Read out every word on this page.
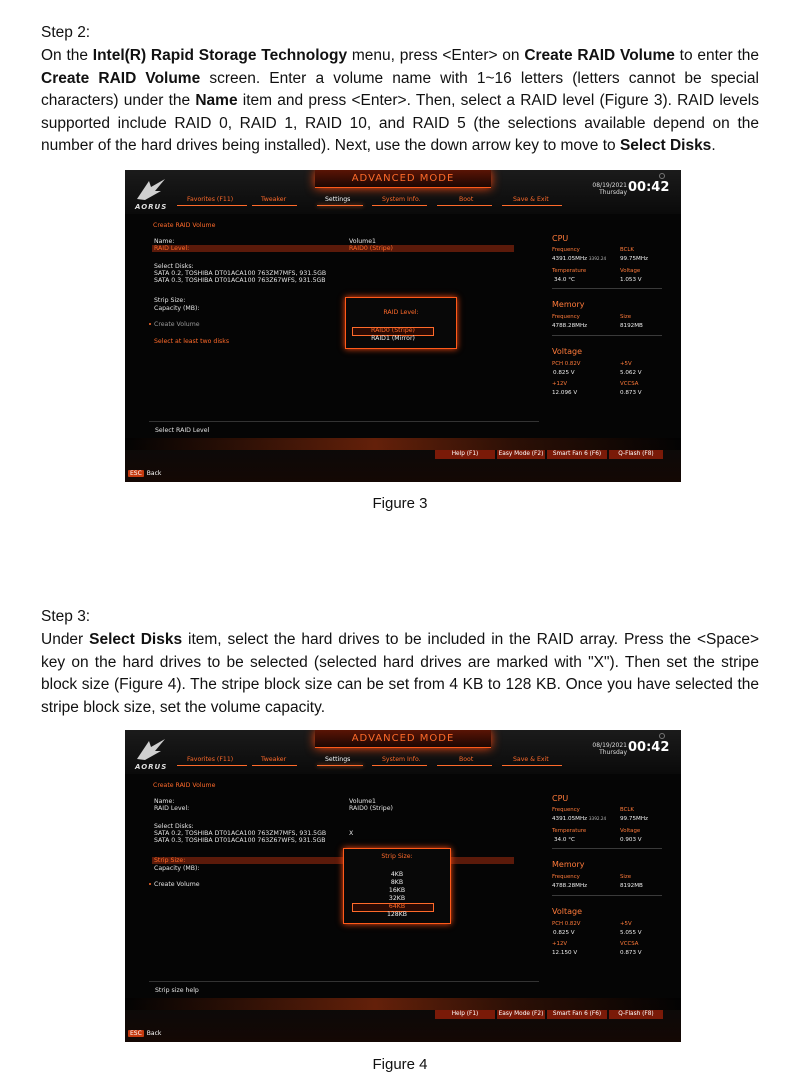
Step 2:
On the Intel(R) Rapid Storage Technology menu, press <Enter> on Create RAID Volume to enter the Create RAID Volume screen. Enter a volume name with 1~16 letters (letters cannot be special characters) under the Name item and press <Enter>. Then, select a RAID level (Figure 3). RAID levels supported include RAID 0, RAID 1, RAID 10, and RAID 5 (the selections available depend on the number of the hard drives being installed). Next, use the down arrow key to move to Select Disks.
ADVANCED MODE
AORUS
Favorites (F11)	Tweaker	Settings	System Info.	Boot	Save & Exit
08/19/2021
Thursday 00:42
Create RAID Volume
Name:	Volume1
RAID Level:	RAID0 (Stripe)
Select Disks:
SATA 0.2, TOSHIBA DT01ACA100 763ZM7MFS, 931.5GB
SATA 0.3, TOSHIBA DT01ACA100 763Z67WFS, 931.5GB
Strip Size:
Capacity (MB):
Create Volume
Select at least two disks
RAID Level:
RAID0 (Stripe)
RAID1 (Mirror)
CPU
Frequency	BCLK
4391.05MHz 3392.24 99.75MHz
Temperature	Voltage
34.0 °C	1.053 V
Memory
Frequency	Size
4788.28MHz	8192MB
Voltage
PCH 0.82V	+5V
0.825 V	5.062 V
+12V	VCCSA
12.096 V	0.873 V
Select RAID Level
Help (F1)	Easy Mode (F2)	Smart Fan 6 (F6)	Q-Flash (F8)
ESC Back
Figure 3
Step 3:
Under Select Disks item, select the hard drives to be included in the RAID array. Press the <Space> key on the hard drives to be selected (selected hard drives are marked with "X"). Then set the stripe block size (Figure 4). The stripe block size can be set from 4 KB to 128 KB. Once you have selected the stripe block size, set the volume capacity.
ADVANCED MODE
AORUS
Favorites (F11)	Tweaker	Settings	System Info.	Boot	Save & Exit
08/19/2021
Thursday 00:42
Create RAID Volume
Name:	Volume1
RAID Level:	RAID0 (Stripe)
Select Disks:
SATA 0.2, TOSHIBA DT01ACA100 763ZM7MFS, 931.5GB
SATA 0.3, TOSHIBA DT01ACA100 763Z67WFS, 931.5GB
X
Strip Size:
Capacity (MB):
Create Volume
Strip Size:
4KB
8KB
16KB
32KB
64KB
128KB
CPU
Frequency	BCLK
4391.05MHz 3392.24 99.75MHz
Temperature	Voltage
34.0 °C	0.903 V
Memory
Frequency	Size
4788.28MHz	8192MB
Voltage
PCH 0.82V	+5V
0.825 V	5.055 V
+12V	VCCSA
12.150 V	0.873 V
Strip size help
Help (F1)	Easy Mode (F2)	Smart Fan 6 (F6)	Q-Flash (F8)
ESC Back
Figure 4
